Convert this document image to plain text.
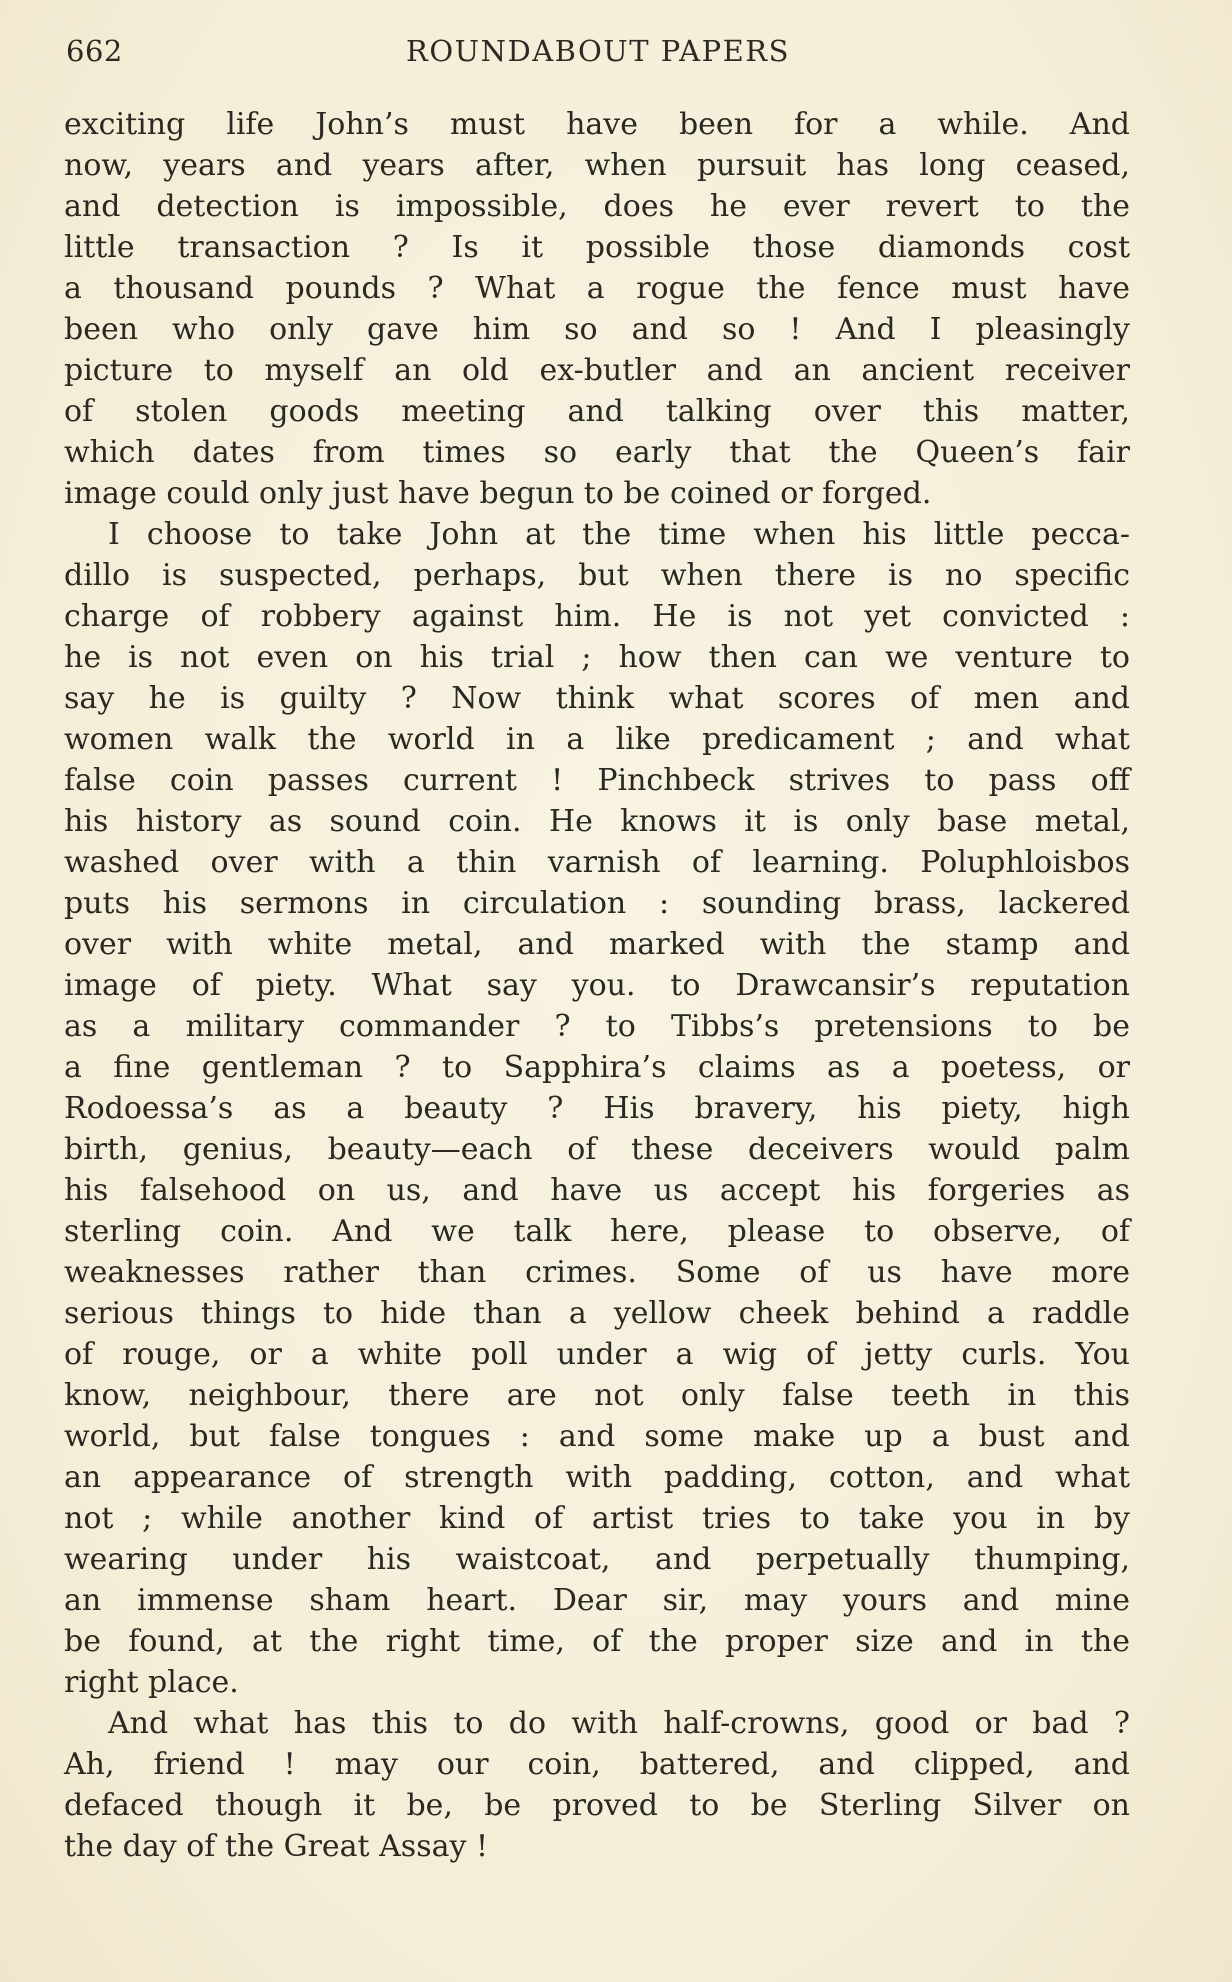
662	ROUNDABOUT PAPERS
exciting life John’s must have been for a while. And
now, years and years after, when pursuit has long ceased,
and detection is impossible, does he ever revert to the
little transaction ? Is it possible those diamonds cost
a thousand pounds ? What a rogue the fence must have
been who only gave him so and so ! And I pleasingly
picture to myself an old ex-butler and an ancient receiver
of stolen goods meeting and talking over this matter,
which dates from times so early that the Queen’s fair
image could only just have begun to be coined or forged.
I choose to take John at the time when his little pecca-
dillo is suspected, perhaps, but when there is no specific
charge of robbery against him. He is not yet convicted :
he is not even on his trial ; how then can we venture to
say he is guilty ? Now think what scores of men and
women walk the world in a like predicament ; and what
false coin passes current ! Pinchbeck strives to pass off
his history as sound coin. He knows it is only base metal,
washed over with a thin varnish of learning. Poluphloisbos
puts his sermons in circulation : sounding brass, lackered
over with white metal, and marked with the stamp and
image of piety. What say you. to Drawcansir’s reputation
as a military commander ? to Tibbs’s pretensions to be
a fine gentleman ? to Sapphira’s claims as a poetess, or
Rodoessa’s as a beauty ? His bravery, his piety, high
birth, genius, beauty—each of these deceivers would palm
his falsehood on us, and have us accept his forgeries as
sterling coin. And we talk here, please to observe, of
weaknesses rather than crimes. Some of us have more
serious things to hide than a yellow cheek behind a raddle
of rouge, or a white poll under a wig of jetty curls. You
know, neighbour, there are not only false teeth in this
world, but false tongues : and some make up a bust and
an appearance of strength with padding, cotton, and what
not ; while another kind of artist tries to take you in by
wearing under his waistcoat, and perpetually thumping,
an immense sham heart. Dear sir, may yours and mine
be found, at the right time, of the proper size and in the
right place.
And what has this to do with half-crowns, good or bad ?
Ah, friend ! may our coin, battered, and clipped, and
defaced though it be, be proved to be Sterling Silver on
the day of the Great Assay !
